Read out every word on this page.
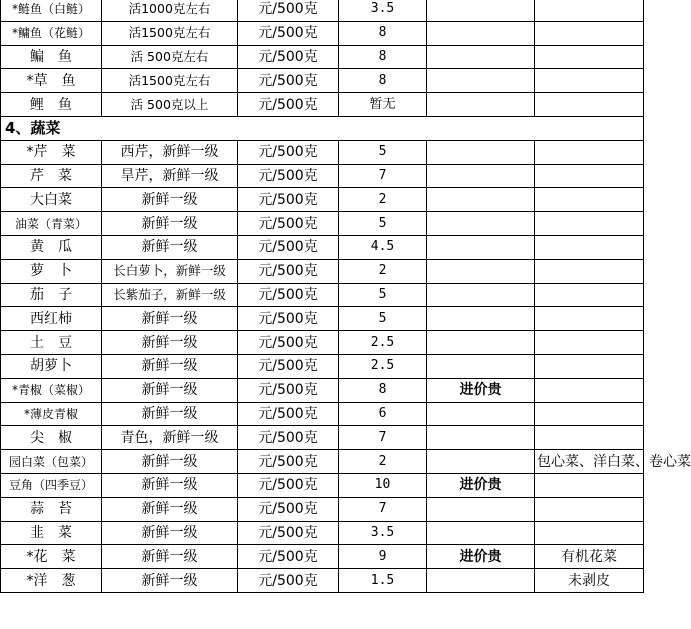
*鲢鱼（白鲢）	活1000克左右	元/500克	3.5		
*鳙鱼（花鲢）	活1500克左右	元/500克	8		
鳊　鱼	活 500克左右	元/500克	8		
*草　鱼	活1500克左右	元/500克	8		
鲤　鱼	活 500克以上	元/500克	暂无		
4、蔬菜					
*芹　菜	西芹，新鲜一级	元/500克	5		
芹　菜	旱芹，新鲜一级	元/500克	7		
大白菜	新鲜一级	元/500克	2		
油菜（青菜）	新鲜一级	元/500克	5		
黄　瓜	新鲜一级	元/500克	4.5		
萝　卜	长白萝卜，新鲜一级	元/500克	2		
茄　子	长紫茄子，新鲜一级	元/500克	5		
西红柿	新鲜一级	元/500克	5		
土　豆	新鲜一级	元/500克	2.5		
胡萝卜	新鲜一级	元/500克	2.5		
*青椒（菜椒）	新鲜一级	元/500克	8	进价贵	
*薄皮青椒	新鲜一级	元/500克	6		
尖　椒	青色，新鲜一级	元/500克	7		
园白菜（包菜）	新鲜一级	元/500克	2		包心菜、洋白菜、卷心菜
豆角（四季豆）	新鲜一级	元/500克	10	进价贵	
蒜　苔	新鲜一级	元/500克	7		
韭　菜	新鲜一级	元/500克	3.5		
*花　菜	新鲜一级	元/500克	9	进价贵	有机花菜
*洋　葱	新鲜一级	元/500克	1.5		未剥皮
